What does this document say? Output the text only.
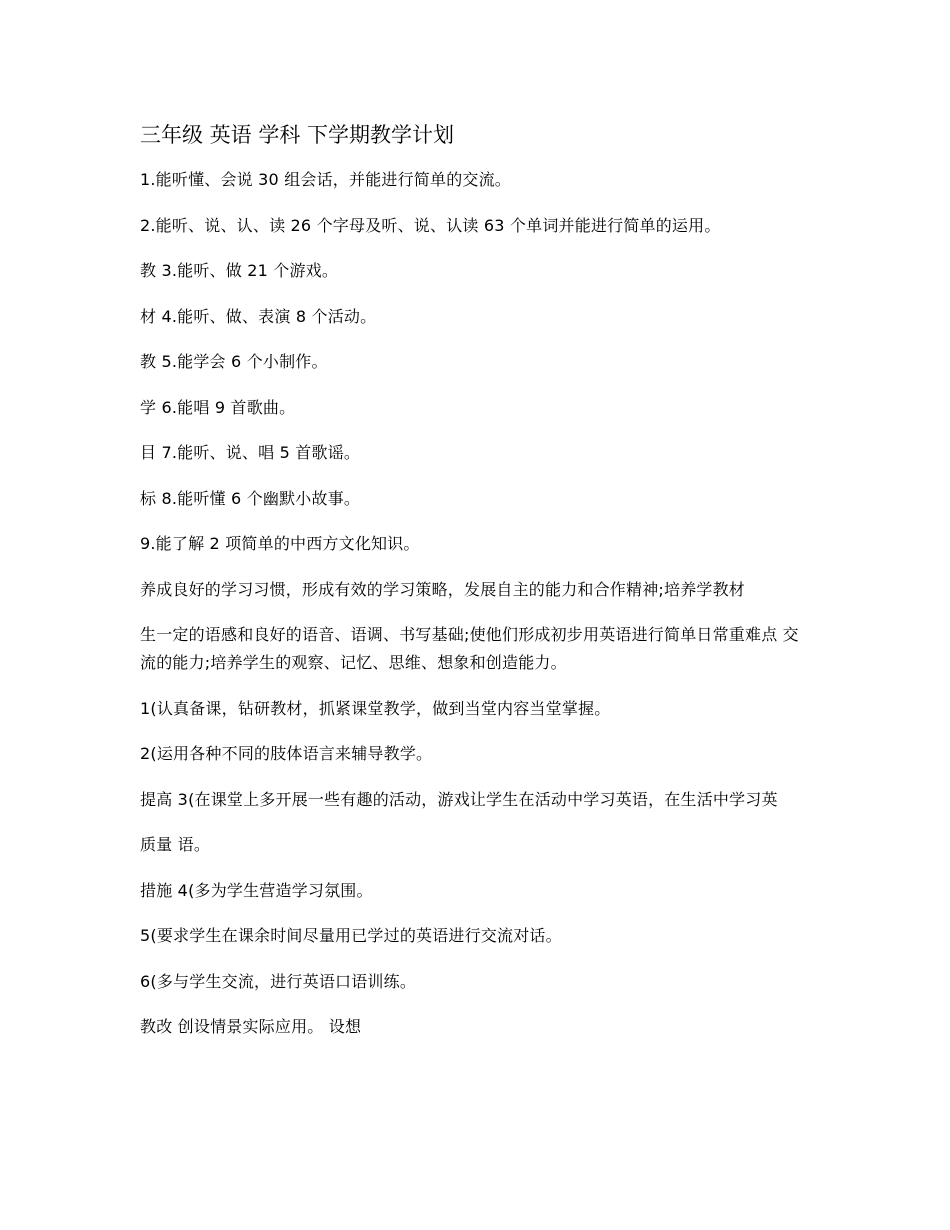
三年级 英语 学科 下学期教学计划

1.能听懂、会说 30 组会话，并能进行简单的交流。

2.能听、说、认、读 26 个字母及听、说、认读 63 个单词并能进行简单的运用。

教 3.能听、做 21 个游戏。

材 4.能听、做、表演 8 个活动。

教 5.能学会 6 个小制作。

学 6.能唱 9 首歌曲。

目 7.能听、说、唱 5 首歌谣。

标 8.能听懂 6 个幽默小故事。

9.能了解 2 项简单的中西方文化知识。

养成良好的学习习惯，形成有效的学习策略，发展自主的能力和合作精神;培养学教材

生一定的语感和良好的语音、语调、书写基础;使他们形成初步用英语进行简单日常重难点 交流的能力;培养学生的观察、记忆、思维、想象和创造能力。

1(认真备课，钻研教材，抓紧课堂教学，做到当堂内容当堂掌握。

2(运用各种不同的肢体语言来辅导教学。

提高 3(在课堂上多开展一些有趣的活动，游戏让学生在活动中学习英语，在生活中学习英

质量 语。

措施 4(多为学生营造学习氛围。

5(要求学生在课余时间尽量用已学过的英语进行交流对话。

6(多与学生交流，进行英语口语训练。

教改 创设情景实际应用。 设想
